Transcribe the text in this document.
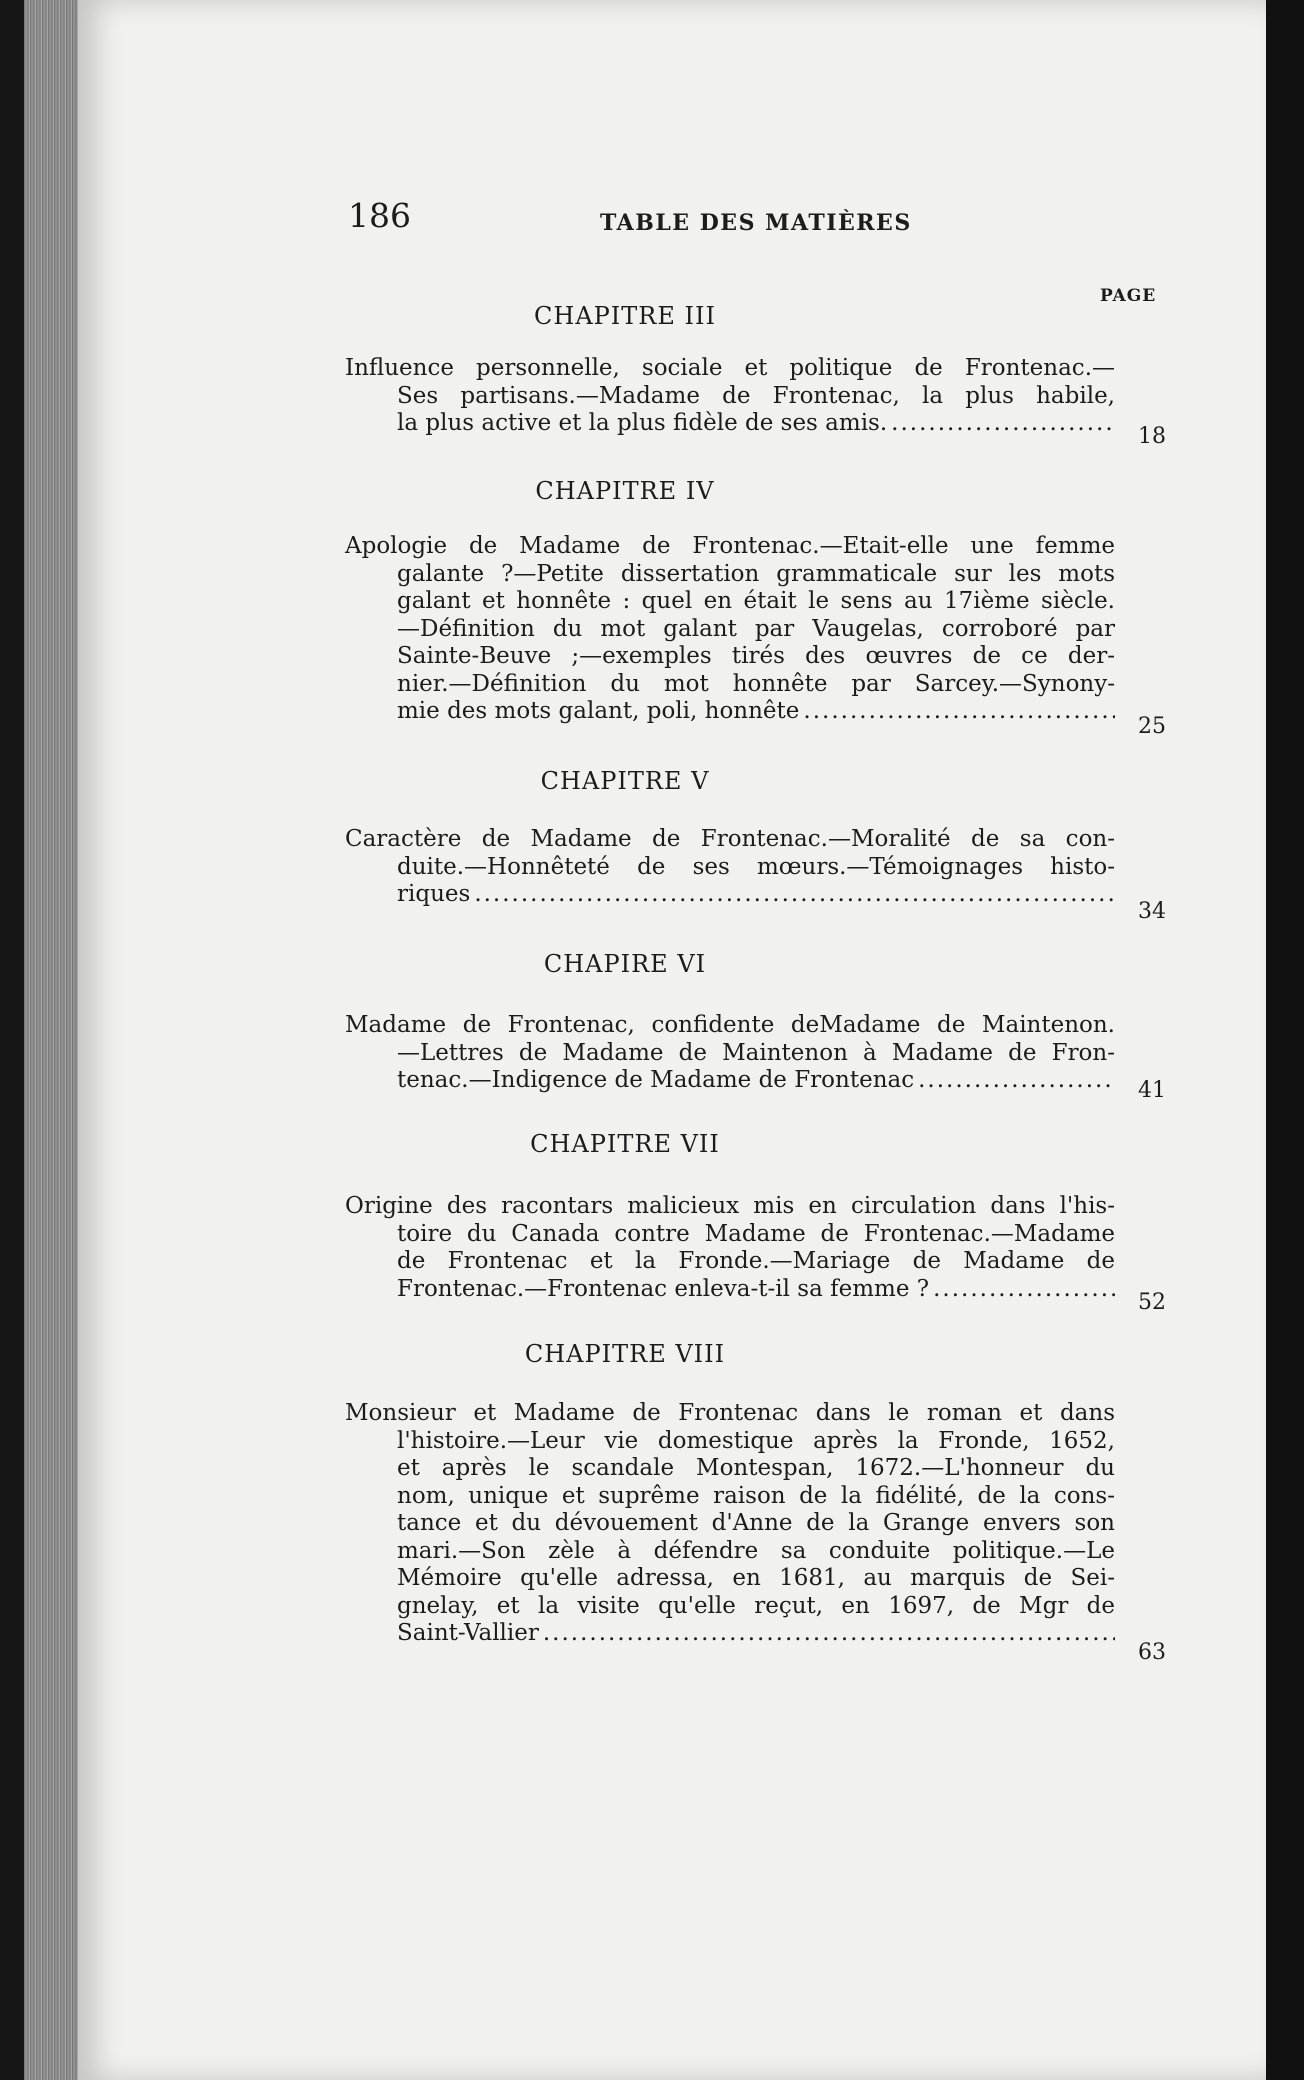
186	TABLE DES MATIÈRES
PAGE
CHAPITRE III
Influence personnelle, sociale et politique de Frontenac.—
Ses partisans.—Madame de Frontenac, la plus habile,
la plus active et la plus fidèle de ses amis.
.....
18
CHAPITRE IV
Apologie de Madame de Frontenac.—Etait-elle une femme
galante ?—Petite dissertation grammaticale sur les mots
galant et honnête : quel en était le sens au 17ième siècle.
—Définition du mot galant par Vaugelas, corroboré par
Sainte-Beuve ;—exemples tirés des œuvres de ce der-
nier.—Définition du mot honnête par Sarcey.—Synony-
mie des mots galant, poli, honnête
.....
25
CHAPITRE V
Caractère de Madame de Frontenac.—Moralité de sa con-
duite.—Honnêteté de ses mœurs.—Témoignages histo-
riques
.....
34
CHAPIRE VI
Madame de Frontenac, confidente deMadame de Maintenon.
—Lettres de Madame de Maintenon à Madame de Fron-
tenac.—Indigence de Madame de Frontenac
.....	41
CHAPITRE VII
Origine des racontars malicieux mis en circulation dans l'his-
toire du Canada contre Madame de Frontenac.—Madame
de Frontenac et la Fronde.—Mariage de Madame de
Frontenac.—Frontenac enleva-t-il sa femme ?
.....
52
CHAPITRE VIII
Monsieur et Madame de Frontenac dans le roman et dans
l'histoire.—Leur vie domestique après la Fronde, 1652,
et après le scandale Montespan, 1672.—L'honneur du
nom, unique et suprême raison de la fidélité, de la cons-
tance et du dévouement d'Anne de la Grange envers son
mari.—Son zèle à défendre sa conduite politique.—Le
Mémoire qu'elle adressa, en 1681, au marquis de Sei-
gnelay, et la visite qu'elle reçut, en 1697, de Mgr de
Saint-Vallier
.....
63
